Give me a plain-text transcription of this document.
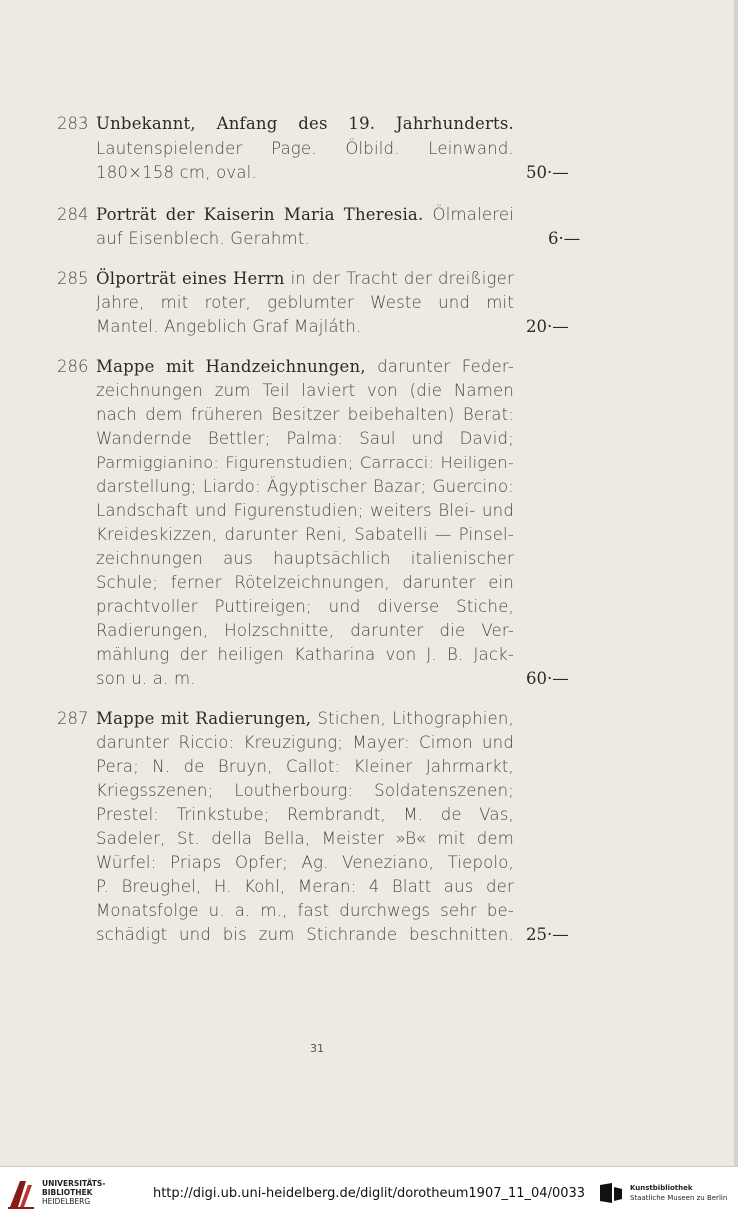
283 Unbekannt, Anfang des 19. Jahrhunderts.
Lautenspielender Page. Ölbild. Leinwand.
180×158 cm, oval.	50·—
284 Porträt der Kaiserin Maria Theresia. Ölmalerei
auf Eisenblech. Gerahmt.	6·—
285 Ölporträt eines Herrn in der Tracht der dreißiger
Jahre, mit roter, geblumter Weste und mit
Mantel. Angeblich Graf Majláth.	20·—
286 Mappe mit Handzeichnungen, darunter Feder-
zeichnungen zum Teil laviert von (die Namen
nach dem früheren Besitzer beibehalten) Berat:
Wandernde Bettler; Palma: Saul und David;
Parmiggianino: Figurenstudien; Carracci: Heiligen-
darstellung; Liardo: Ägyptischer Bazar; Guercino:
Landschaft und Figurenstudien; weiters Blei- und
Kreideskizzen, darunter Reni, Sabatelli — Pinsel-
zeichnungen aus hauptsächlich italienischer
Schule; ferner Rötelzeichnungen, darunter ein
prachtvoller Puttireigen; und diverse Stiche,
Radierungen, Holzschnitte, darunter die Ver-
mählung der heiligen Katharina von J. B. Jack-
son u. a. m.	60·—
287 Mappe mit Radierungen, Stichen, Lithographien,
darunter Riccio: Kreuzigung; Mayer: Cimon und
Pera; N. de Bruyn, Callot: Kleiner Jahrmarkt,
Kriegsszenen; Loutherbourg: Soldatenszenen;
Prestel: Trinkstube; Rembrandt, M. de Vas,
Sadeler, St. della Bella, Meister »B« mit dem
Würfel: Priaps Opfer; Ag. Veneziano, Tiepolo,
P. Breughel, H. Kohl, Meran: 4 Blatt aus der
Monatsfolge u. a. m., fast durchwegs sehr be-
schädigt und bis zum Stichrande beschnitten. 25·—
31
UNIVERSITÄTS-
BIBLIOTHEK
HEIDELBERG
http://digi.ub.uni-heidelberg.de/diglit/dorotheum1907_11_04/0033	Kunstbibliothek
Staatliche Museen zu Berlin
